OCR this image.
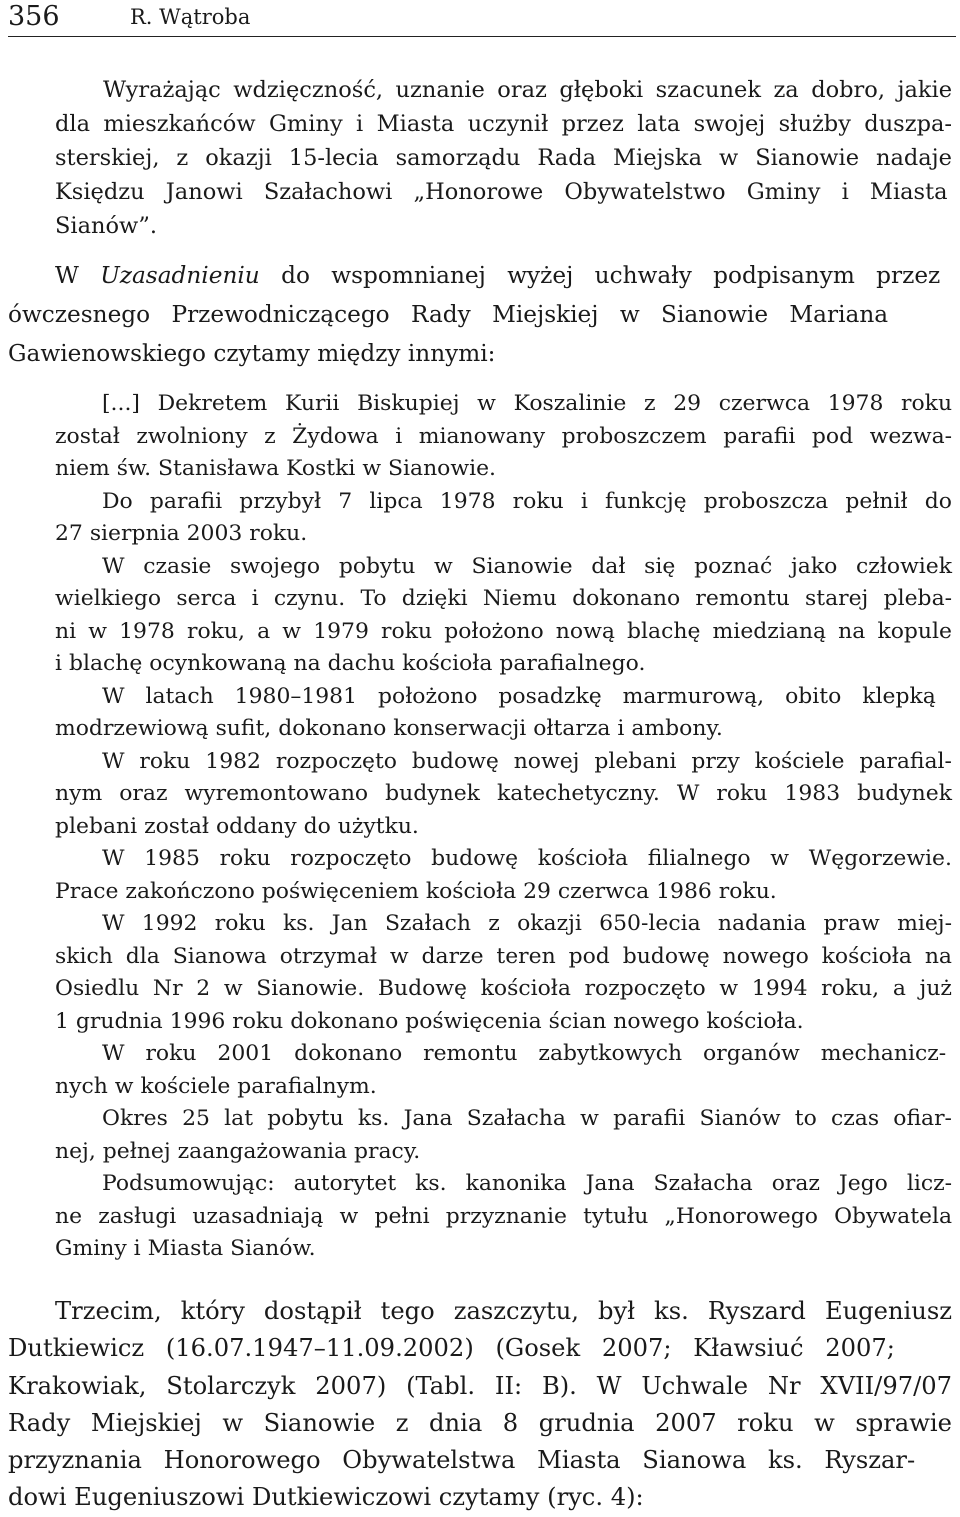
356	R. Wątroba
Wyrażając wdzięczność, uznanie oraz głęboki szacunek za dobro, jakie
dla mieszkańców Gminy i Miasta uczynił przez lata swojej służby duszpa-
sterskiej, z okazji 15-lecia samorządu Rada Miejska w Sianowie nadaje
Księdzu Janowi Szałachowi „Honorowe Obywatelstwo Gminy i Miasta
Sianów”.
W Uzasadnieniu do wspomnianej wyżej uchwały podpisanym przez
ówczesnego Przewodniczącego Rady Miejskiej w Sianowie Mariana
Gawienowskiego czytamy między innymi:
[...] Dekretem Kurii Biskupiej w Koszalinie z 29 czerwca 1978 roku
został zwolniony z Żydowa i mianowany proboszczem parafii pod wezwa-
niem św. Stanisława Kostki w Sianowie.
Do parafii przybył 7 lipca 1978 roku i funkcję proboszcza pełnił do
27 sierpnia 2003 roku.
W czasie swojego pobytu w Sianowie dał się poznać jako człowiek
wielkiego serca i czynu. To dzięki Niemu dokonano remontu starej pleba-
ni w 1978 roku, a w 1979 roku położono nową blachę miedzianą na kopule
i blachę ocynkowaną na dachu kościoła parafialnego.
W latach 1980–1981 położono posadzkę marmurową, obito klepką
modrzewiową sufit, dokonano konserwacji ołtarza i ambony.
W roku 1982 rozpoczęto budowę nowej plebani przy kościele parafial-
nym oraz wyremontowano budynek katechetyczny. W roku 1983 budynek
plebani został oddany do użytku.
W 1985 roku rozpoczęto budowę kościoła filialnego w Węgorzewie.
Prace zakończono poświęceniem kościoła 29 czerwca 1986 roku.
W 1992 roku ks. Jan Szałach z okazji 650-lecia nadania praw miej-
skich dla Sianowa otrzymał w darze teren pod budowę nowego kościoła na
Osiedlu Nr 2 w Sianowie. Budowę kościoła rozpoczęto w 1994 roku, a już
1 grudnia 1996 roku dokonano poświęcenia ścian nowego kościoła.
W roku 2001 dokonano remontu zabytkowych organów mechanicz-
nych w kościele parafialnym.
Okres 25 lat pobytu ks. Jana Szałacha w parafii Sianów to czas ofiar-
nej, pełnej zaangażowania pracy.
Podsumowując: autorytet ks. kanonika Jana Szałacha oraz Jego licz-
ne zasługi uzasadniają w pełni przyznanie tytułu „Honorowego Obywatela
Gminy i Miasta Sianów.
Trzecim, który dostąpił tego zaszczytu, był ks. Ryszard Eugeniusz
Dutkiewicz (16.07.1947–11.09.2002) (Gosek 2007; Kławsiuć 2007;
Krakowiak, Stolarczyk 2007) (Tabl. II: B). W Uchwale Nr XVII/97/07
Rady Miejskiej w Sianowie z dnia 8 grudnia 2007 roku w sprawie
przyznania Honorowego Obywatelstwa Miasta Sianowa ks. Ryszar-
dowi Eugeniuszowi Dutkiewiczowi czytamy (ryc. 4):
